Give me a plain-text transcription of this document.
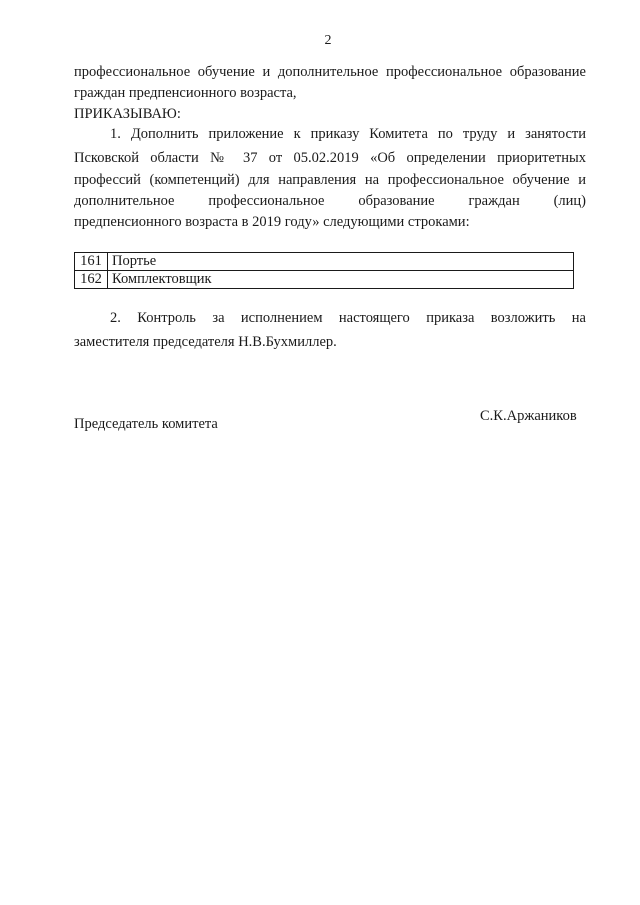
2
профессиональное обучение и дополнительное профессиональное образование
граждан предпенсионного возраста,
ПРИКАЗЫВАЮ:
1. Дополнить приложение к приказу Комитета по труду и занятости
Псковской области № 37 от 05.02.2019 «Об определении приоритетных
профессий (компетенций) для направления на профессиональное обучение и
дополнительное профессиональное образование граждан (лиц)
предпенсионного возраста в 2019 году» следующими строками:
161	Портье
162	Комплектовщик
2. Контроль за исполнением настоящего приказа возложить на
заместителя председателя Н.В.Бухмиллер.
Председатель комитета	С.К.Аржаников
